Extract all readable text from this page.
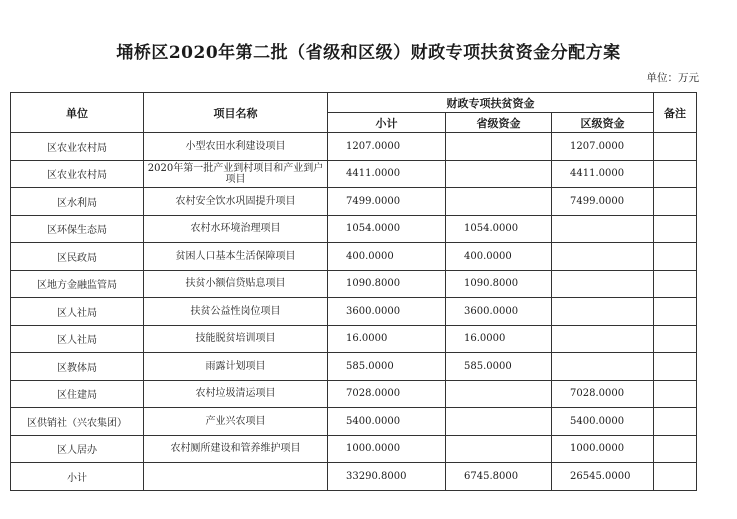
埇桥区2020年第二批（省级和区级）财政专项扶贫资金分配方案
单位：万元
单位	项目名称	财政专项扶贫资金			备注
		小计	省级资金	区级资金	
区农业农村局	小型农田水利建设项目	1207.0000		1207.0000	
区农业农村局	2020年第一批产业到村项目和产业到户项目	4411.0000		4411.0000	
区水利局	农村安全饮水巩固提升项目	7499.0000		7499.0000	
区环保生态局	农村水环境治理项目	1054.0000	1054.0000		
区民政局	贫困人口基本生活保障项目	400.0000	400.0000		
区地方金融监管局	扶贫小额信贷贴息项目	1090.8000	1090.8000		
区人社局	扶贫公益性岗位项目	3600.0000	3600.0000		
区人社局	技能脱贫培训项目	16.0000	16.0000		
区教体局	雨露计划项目	585.0000	585.0000		
区住建局	农村垃圾清运项目	7028.0000		7028.0000	
区供销社（兴农集团）	产业兴农项目	5400.0000		5400.0000	
区人居办	农村厕所建设和管养维护项目	1000.0000		1000.0000	
小计		33290.8000	6745.8000	26545.0000	
